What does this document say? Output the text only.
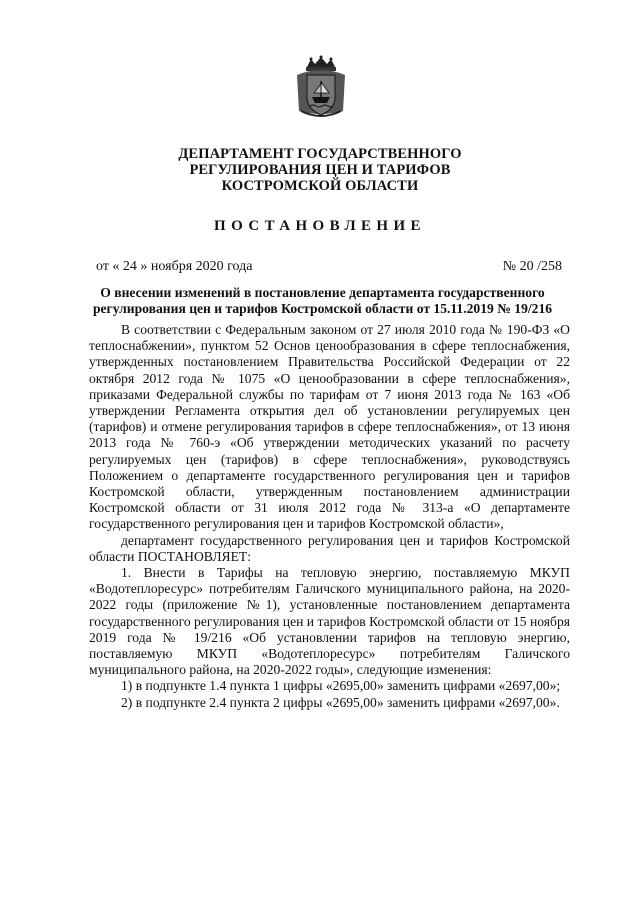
ДЕПАРТАМЕНТ ГОСУДАРСТВЕННОГО
РЕГУЛИРОВАНИЯ ЦЕН И ТАРИФОВ
КОСТРОМСКОЙ ОБЛАСТИ
ПОСТАНОВЛЕНИЕ
от « 24 » ноября 2020 года	№ 20 /258
О внесении изменений в постановление департамента государственного регулирования цен и тарифов Костромской области от 15.11.2019 № 19/216

В соответствии с Федеральным законом от 27 июля 2010 года № 190-ФЗ «О теплоснабжении», пунктом 52 Основ ценообразования в сфере теплоснабжения, утвержденных постановлением Правительства Российской Федерации от 22 октября 2012 года № 1075 «О ценообразовании в сфере теплоснабжения», приказами Федеральной службы по тарифам от 7 июня 2013 года № 163 «Об утверждении Регламента открытия дел об установлении регулируемых цен (тарифов) и отмене регулирования тарифов в сфере теплоснабжения», от 13 июня 2013 года № 760-э «Об утверждении методических указаний по расчету регулируемых цен (тарифов) в сфере теплоснабжения», руководствуясь Положением о департаменте государственного регулирования цен и тарифов Костромской области, утвержденным постановлением администрации Костромской области от 31 июля 2012 года № 313-а «О департаменте государственного регулирования цен и тарифов Костромской области»,

департамент государственного регулирования цен и тарифов Костромской области ПОСТАНОВЛЯЕТ:

1. Внести в Тарифы на тепловую энергию, поставляемую МКУП «Водотеплоресурс» потребителям Галичского муниципального района, на 2020-2022 годы (приложение №1), установленные постановлением департамента государственного регулирования цен и тарифов Костромской области от 15 ноября 2019 года № 19/216 «Об установлении тарифов на тепловую энергию, поставляемую МКУП «Водотеплоресурс» потребителям Галичского муниципального района, на 2020-2022 годы», следующие изменения:

1) в подпункте 1.4 пункта 1 цифры «2695,00» заменить цифрами «2697,00»;

2) в подпункте 2.4 пункта 2 цифры «2695,00» заменить цифрами «2697,00».
